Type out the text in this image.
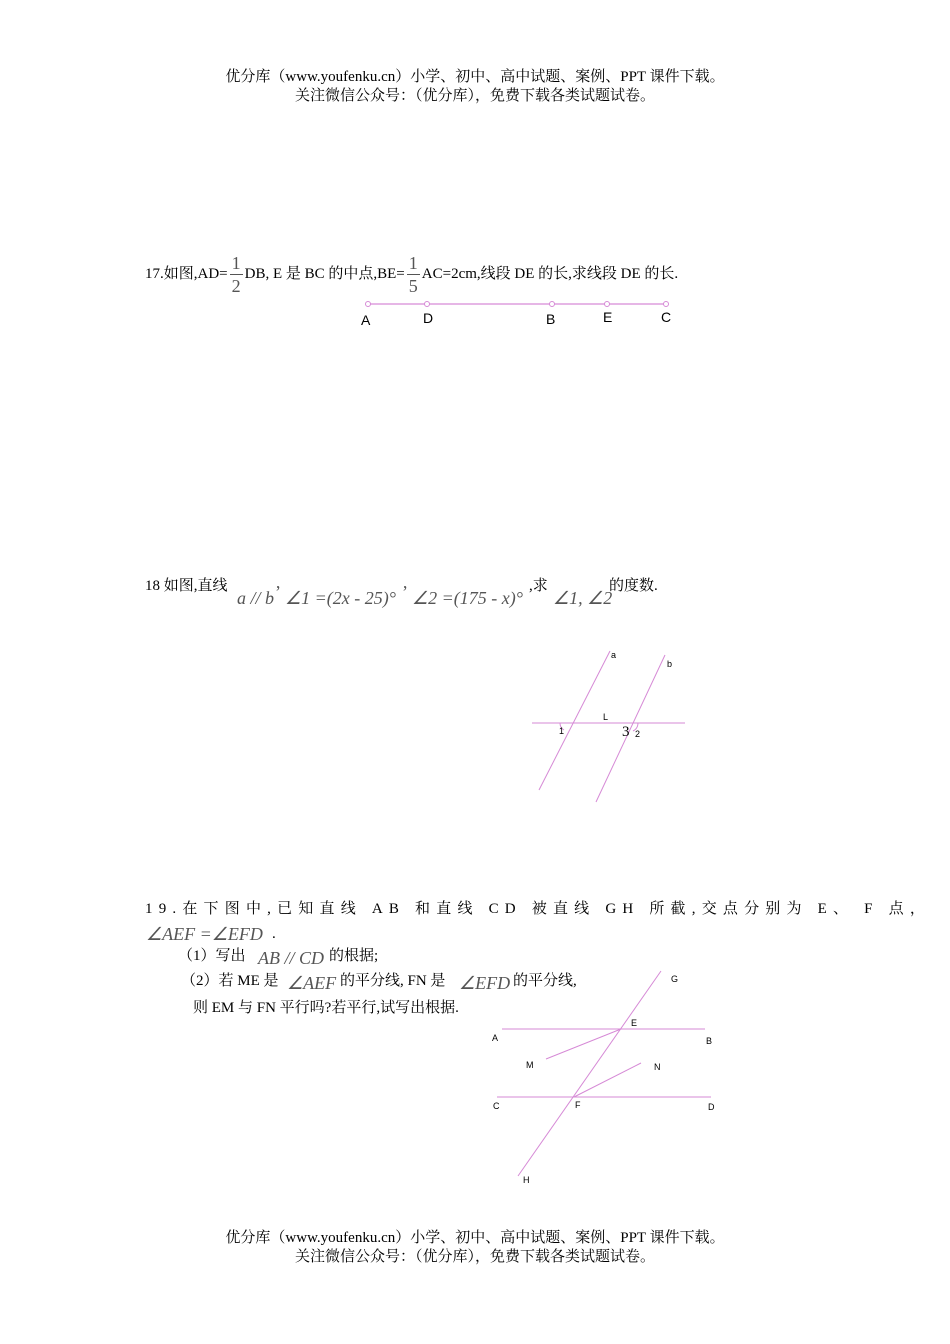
优分库（www.youfenku.cn）小学、初中、高中试题、案例、PPT 课件下载。
关注微信公众号：（优分库），免费下载各类试题试卷。
17.如图$,AD= \frac{1}{2}$ DB, E 是 BC 的中点$,BE= \frac{1}{5} AC=2cm$,线段 DE 的长,求线段 DE 的长.
A	D	B	E	C
18 如图,直线
a // b ’ ∠1 =(2x - 25)° ’ ∠2 =(175 - x)°
,求
∠1, ∠2
的度数.
a
b
L
1	3 2
19.在下图中,已知直线 AB 和直线 CD 被直线 GH 所截,交点分别为 E、 F 点，
∠AEF =∠EFD .
（1）写出 AB // CD 的根据;
（2）若 ME 是 ∠AEF 的平分线, FN 是 ∠EFD 的平分线,
则 EM 与 FN 平行吗?若平行,试写出根据.
G
E
A	B
M	N
C	F	D
H
优分库（www.youfenku.cn）小学、初中、高中试题、案例、PPT 课件下载。
关注微信公众号：（优分库），免费下载各类试题试卷。
